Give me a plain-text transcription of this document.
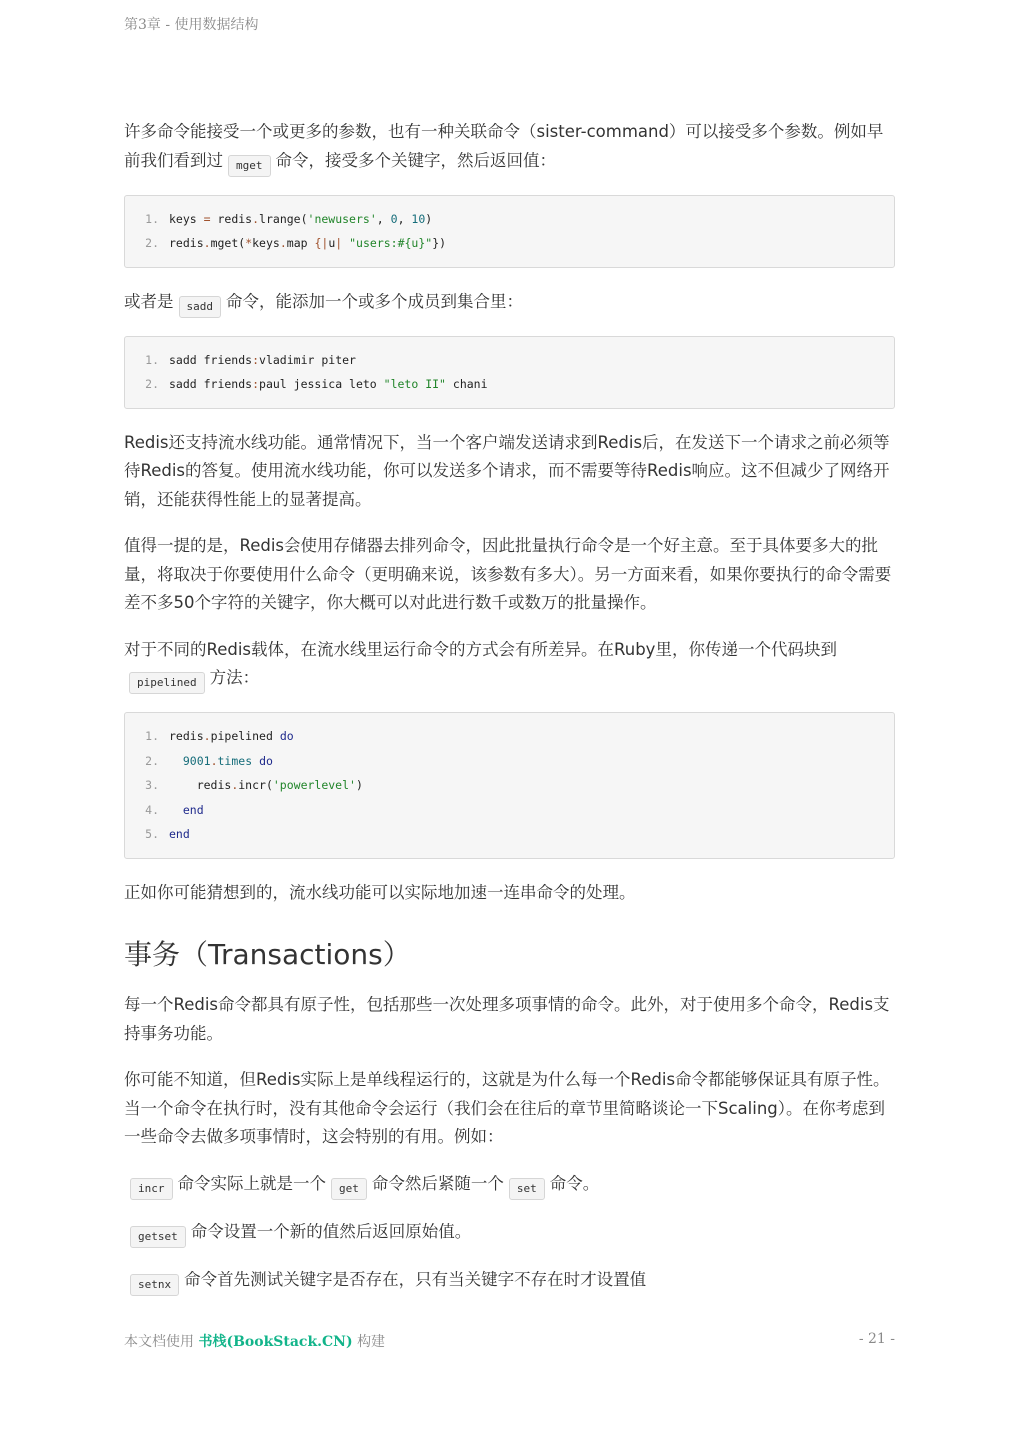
第3章 - 使用数据结构

许多命令能接受一个或更多的参数，也有一种关联命令（sister-command）可以接受多个参数。例如早前我们看到过 mget 命令，接受多个关键字，然后返回值：

1. keys = redis.lrange('newusers', 0, 10)
2. redis.mget(*keys.map {|u| "users:#{u}"})

或者是 sadd 命令，能添加一个或多个成员到集合里：

1. sadd friends:vladimir piter
2. sadd friends:paul jessica leto "leto II" chani

Redis还支持流水线功能。通常情况下，当一个客户端发送请求到Redis后，在发送下一个请求之前必须等待Redis的答复。使用流水线功能，你可以发送多个请求，而不需要等待Redis响应。这不但减少了网络开销，还能获得性能上的显著提高。

值得一提的是，Redis会使用存储器去排列命令，因此批量执行命令是一个好主意。至于具体要多大的批量，将取决于你要使用什么命令（更明确来说，该参数有多大）。另一方面来看，如果你要执行的命令需要差不多50个字符的关键字，你大概可以对此进行数千或数万的批量操作。

对于不同的Redis载体，在流水线里运行命令的方式会有所差异。在Ruby里，你传递一个代码块到pipelined 方法：

1. redis.pipelined do
2. 9001.times do
3.    redis.incr('powerlevel')
4. end
5. end

正如你可能猜想到的，流水线功能可以实际地加速一连串命令的处理。

事务（Transactions）

每一个Redis命令都具有原子性，包括那些一次处理多项事情的命令。此外，对于使用多个命令，Redis支持事务功能。

你可能不知道，但Redis实际上是单线程运行的，这就是为什么每一个Redis命令都能够保证具有原子性。当一个命令在执行时，没有其他命令会运行（我们会在往后的章节里简略谈论一下Scaling）。在你考虑到一些命令去做多项事情时，这会特别的有用。例如：

incr 命令实际上就是一个 get 命令然后紧随一个 set 命令。
getset 命令设置一个新的值然后返回原始值。
setnx 命令首先测试关键字是否存在，只有当关键字不存在时才设置值
本文档使用 书栈(BookStack.CN) 构建	- 21 -
